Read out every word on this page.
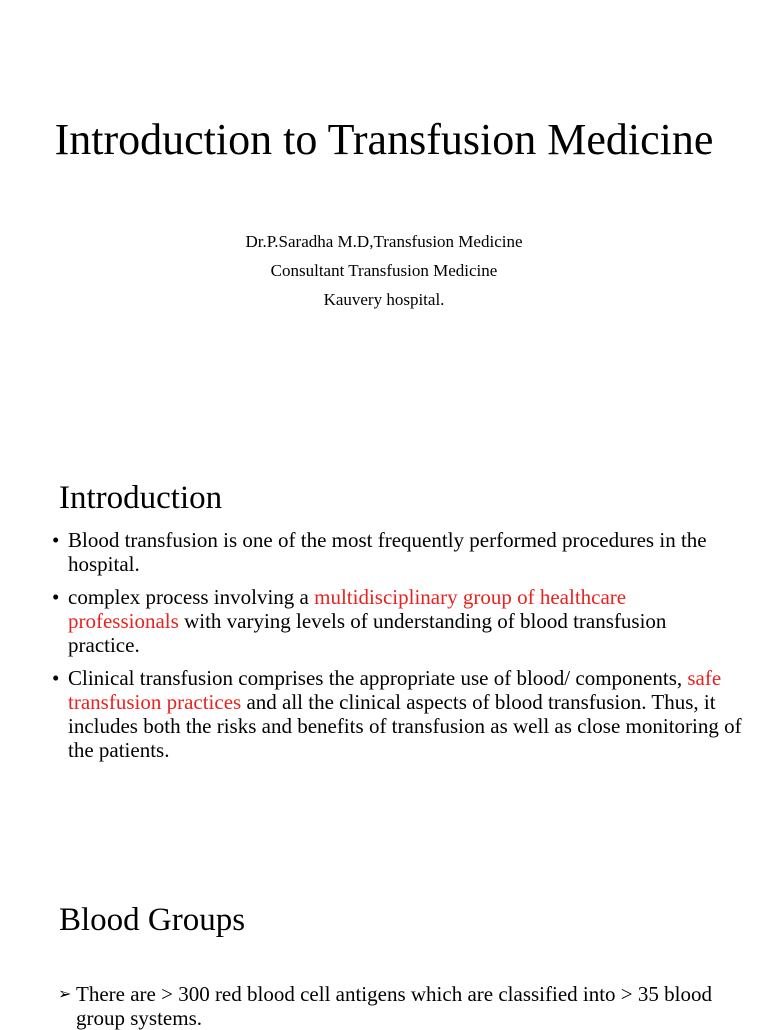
Introduction to Transfusion Medicine
Dr.P.Saradha M.D,Transfusion Medicine
Consultant Transfusion Medicine
Kauvery hospital.
Introduction
• Blood transfusion is one of the most frequently performed procedures in the hospital.
• complex process involving a multidisciplinary group of healthcare professionals with varying levels of understanding of blood transfusion practice.
• Clinical transfusion comprises the appropriate use of blood/ components, safe transfusion practices and all the clinical aspects of blood transfusion. Thus, it includes both the risks and benefits of transfusion as well as close monitoring of the patients.
Blood Groups
➢ There are > 300 red blood cell antigens which are classified into > 35 blood group systems.
